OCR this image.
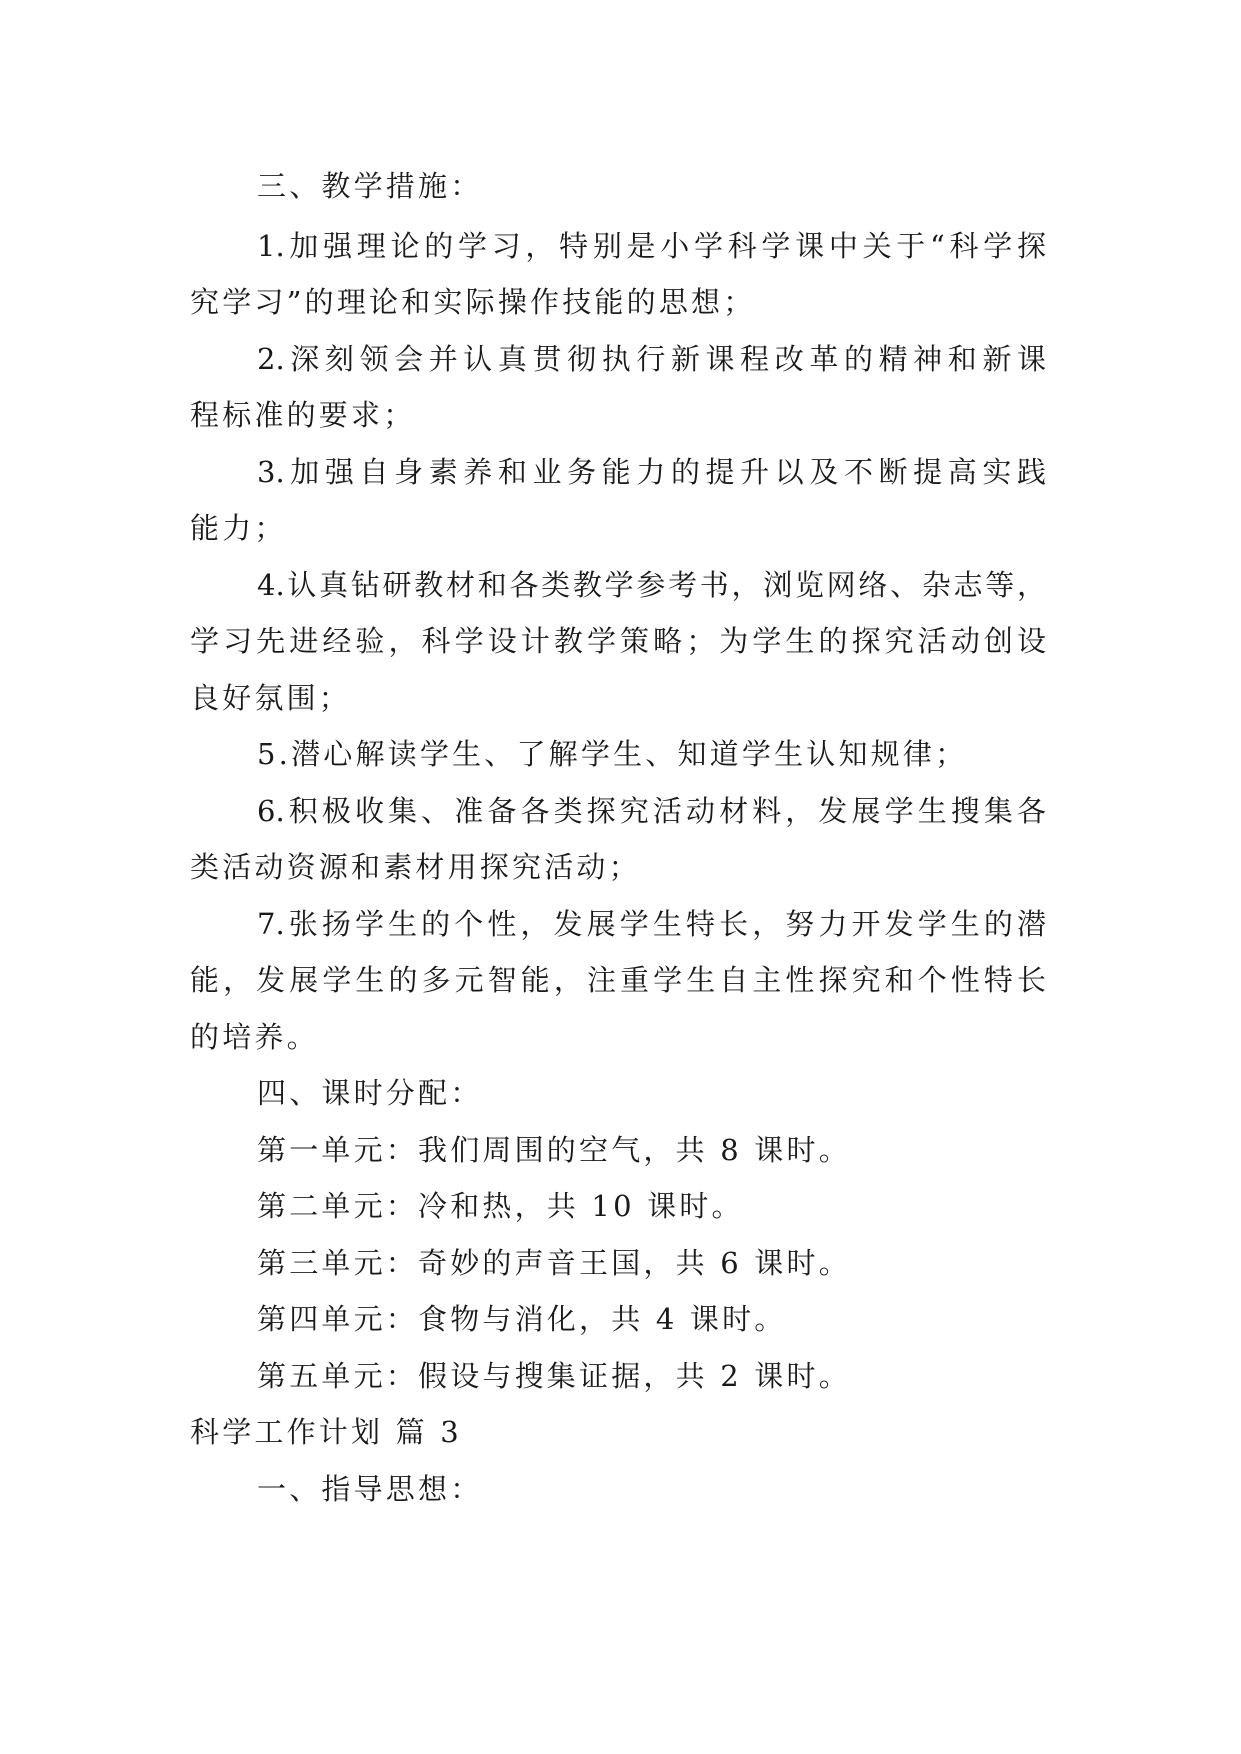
三、教学措施：
1.加强理论的学习，特别是小学科学课中关于“科学探
究学习”的理论和实际操作技能的思想；
2.深刻领会并认真贯彻执行新课程改革的精神和新课
程标准的要求；
3.加强自身素养和业务能力的提升以及不断提高实践
能力；
4.认真钻研教材和各类教学参考书，浏览网络、杂志等，
学习先进经验，科学设计教学策略；为学生的探究活动创设
良好氛围；
5.潜心解读学生、了解学生、知道学生认知规律；
6.积极收集、准备各类探究活动材料，发展学生搜集各
类活动资源和素材用探究活动；
7.张扬学生的个性，发展学生特长，努力开发学生的潜
能，发展学生的多元智能，注重学生自主性探究和个性特长
的培养。
四、课时分配：
第一单元：我们周围的空气，共 8 课时。
第二单元：冷和热，共 10 课时。
第三单元：奇妙的声音王国，共 6 课时。
第四单元：食物与消化，共 4 课时。
第五单元：假设与搜集证据，共 2 课时。
科学工作计划 篇 3
一、指导思想：
